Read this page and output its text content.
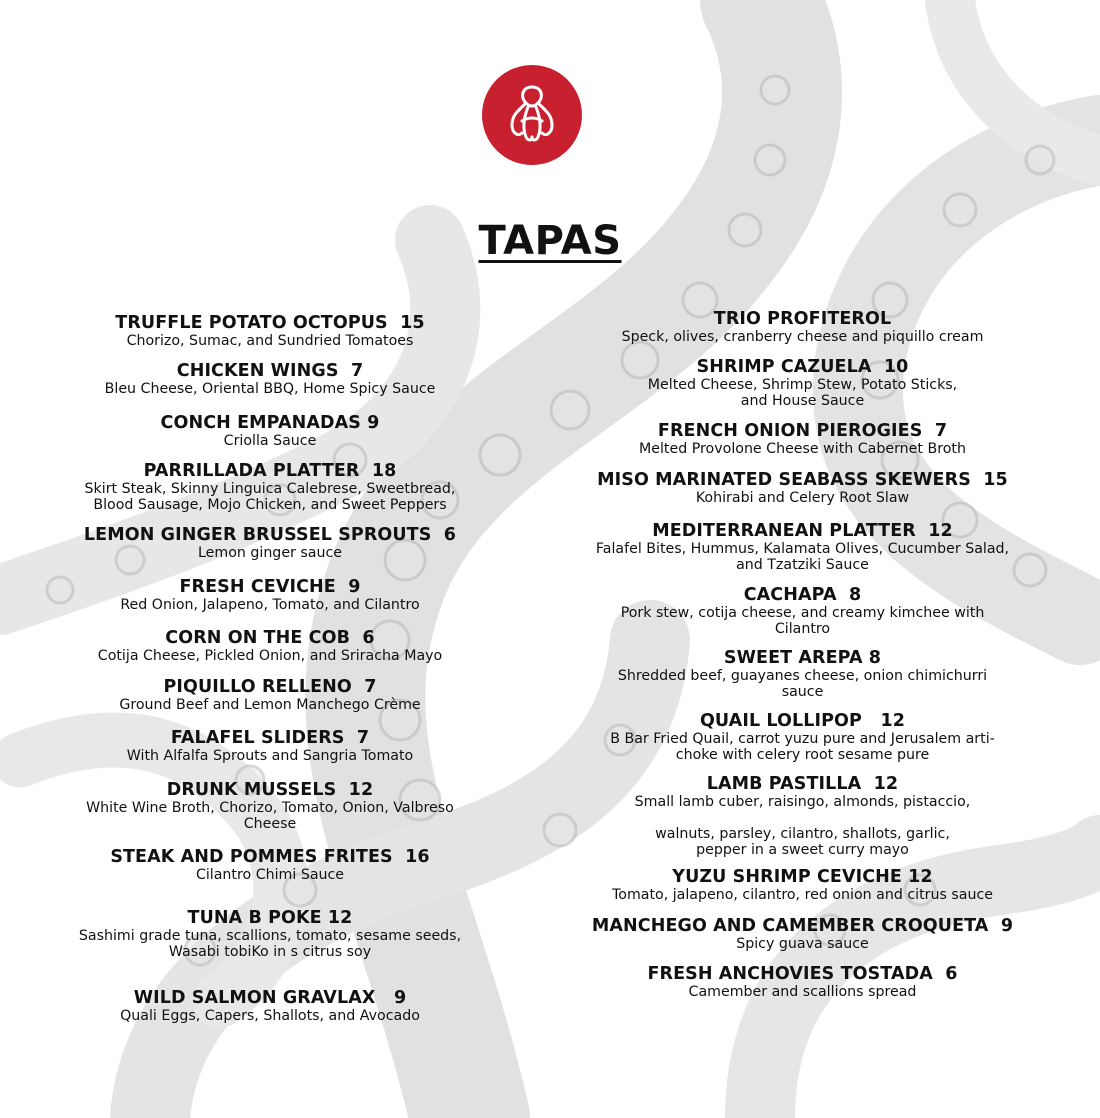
TAPAS
TRUFFLE POTATO OCTOPUS  15
Chorizo, Sumac, and Sundried Tomatoes
CHICKEN WINGS  7
Bleu Cheese, Oriental BBQ, Home Spicy Sauce
CONCH EMPANADAS 9
Criolla Sauce
PARRILLADA PLATTER  18
Skirt Steak, Skinny Linguica Calebrese, Sweetbread,
Blood Sausage, Mojo Chicken, and Sweet Peppers
LEMON GINGER BRUSSEL SPROUTS  6
Lemon ginger sauce
FRESH CEVICHE  9
Red Onion, Jalapeno, Tomato, and Cilantro
CORN ON THE COB  6
Cotija Cheese, Pickled Onion, and Sriracha Mayo
PIQUILLO RELLENO  7
Ground Beef and Lemon Manchego Crème
FALAFEL SLIDERS  7
With Alfalfa Sprouts and Sangria Tomato
DRUNK MUSSELS  12
White Wine Broth, Chorizo, Tomato, Onion, Valbreso
Cheese
STEAK AND POMMES FRITES  16
Cilantro Chimi Sauce
TUNA B POKE 12
Sashimi grade tuna, scallions, tomato, sesame seeds,
Wasabi tobiKo in s citrus soy
WILD SALMON GRAVLAX   9
Quali Eggs, Capers, Shallots, and Avocado
TRIO PROFITEROL
Speck, olives, cranberry cheese and piquillo cream
SHRIMP CAZUELA  10
Melted Cheese, Shrimp Stew, Potato Sticks,
and House Sauce
FRENCH ONION PIEROGIES  7
Melted Provolone Cheese with Cabernet Broth
MISO MARINATED SEABASS SKEWERS  15
Kohirabi and Celery Root Slaw
MEDITERRANEAN PLATTER  12
Falafel Bites, Hummus, Kalamata Olives, Cucumber Salad,
and Tzatziki Sauce
CACHAPA  8
Pork stew, cotija cheese, and creamy kimchee with
Cilantro
SWEET AREPA 8
Shredded beef, guayanes cheese, onion chimichurri
sauce
QUAIL LOLLIPOP   12
B Bar Fried Quail, carrot yuzu pure and Jerusalem arti-
choke with celery root sesame pure
LAMB PASTILLA  12
Small lamb cuber, raisingo, almonds, pistaccio,

walnuts, parsley, cilantro, shallots, garlic,
pepper in a sweet curry mayo
YUZU SHRIMP CEVICHE 12
Tomato, jalapeno, cilantro, red onion and citrus sauce
MANCHEGO AND CAMEMBER CROQUETA  9
Spicy guava sauce
FRESH ANCHOVIES TOSTADA  6
Camember and scallions spread
